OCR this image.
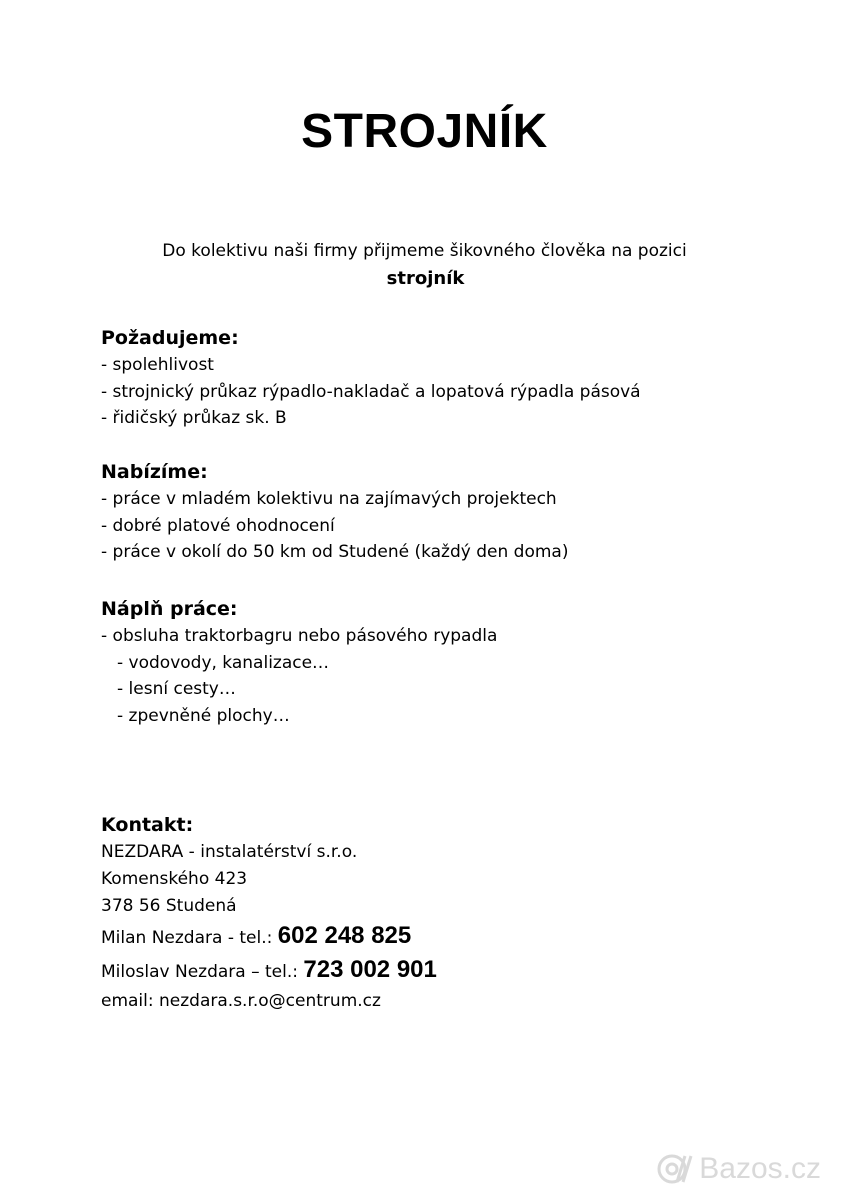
STROJNÍK
Do kolektivu naši firmy přijmeme šikovného člověka na pozici
strojník
Požadujeme:
- spolehlivost
- strojnický průkaz rýpadlo-nakladač a lopatová rýpadla pásová
- řidičský průkaz sk. B
Nabízíme:
- práce v mladém kolektivu na zajímavých projektech
- dobré platové ohodnocení
- práce v okolí do 50 km od Studené (každý den doma)
Náplň práce:
- obsluha traktorbagru nebo pásového rypadla
- vodovody, kanalizace…
- lesní cesty…
- zpevněné plochy…
Kontakt:
NEZDARA - instalatérství s.r.o.
Komenského 423
378 56 Studená
Milan Nezdara - tel.: 602 248 825
Miloslav Nezdara – tel.: 723 002 901
email: nezdara.s.r.o@centrum.cz
Bazos.cz
